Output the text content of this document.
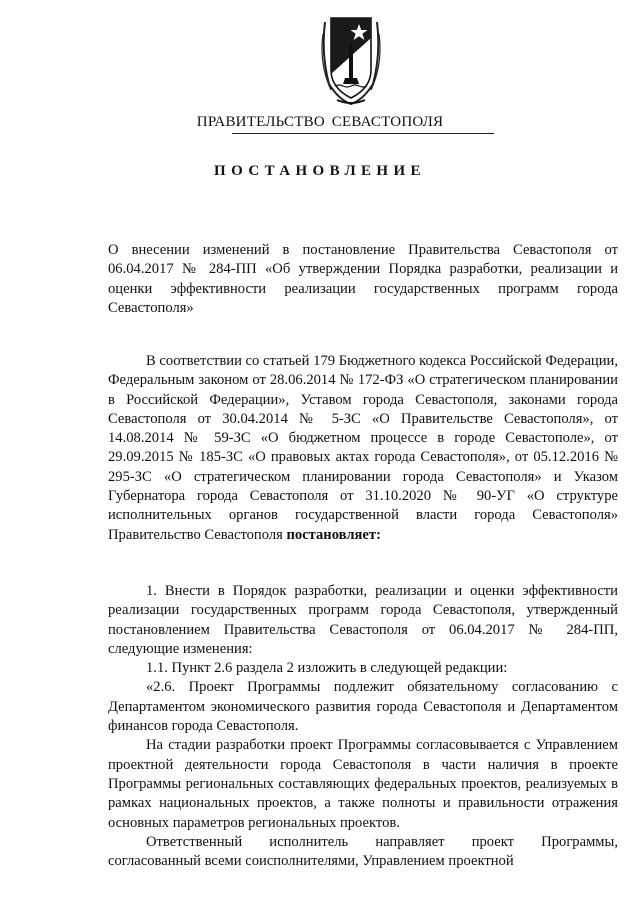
ПРАВИТЕЛЬСТВО СЕВАСТОПОЛЯ
ПОСТАНОВЛЕНИЕ

О внесении изменений в постановление Правительства Севастополя от 06.04.2017 № 284-ПП «Об утверждении Порядка разработки, реализации и оценки эффективности реализации государственных программ города Севастополя»

В соответствии со статьей 179 Бюджетного кодекса Российской Федерации, Федеральным законом от 28.06.2014 № 172-ФЗ «О стратегическом планировании в Российской Федерации», Уставом города Севастополя, законами города Севастополя от 30.04.2014 № 5-ЗС «О Правительстве Севастополя», от 14.08.2014 № 59-ЗС «О бюджетном процессе в городе Севастополе», от 29.09.2015 № 185-ЗС «О правовых актах города Севастополя», от 05.12.2016 № 295-ЗС «О стратегическом планировании города Севастополя» и Указом Губернатора города Севастополя от 31.10.2020 № 90-УГ «О структуре исполнительных органов государственной власти города Севастополя» Правительство Севастополя постановляет:

1. Внести в Порядок разработки, реализации и оценки эффективности реализации государственных программ города Севастополя, утвержденный постановлением Правительства Севастополя от 06.04.2017 № 284-ПП, следующие изменения:

1.1. Пункт 2.6 раздела 2 изложить в следующей редакции:

«2.6. Проект Программы подлежит обязательному согласованию с Департаментом экономического развития города Севастополя и Департаментом финансов города Севастополя.

На стадии разработки проект Программы согласовывается с Управлением проектной деятельности города Севастополя в части наличия в проекте Программы региональных составляющих федеральных проектов, реализуемых в рамках национальных проектов, а также полноты и правильности отражения основных параметров региональных проектов.

Ответственный исполнитель направляет проект Программы, согласованный всеми соисполнителями, Управлением проектной
